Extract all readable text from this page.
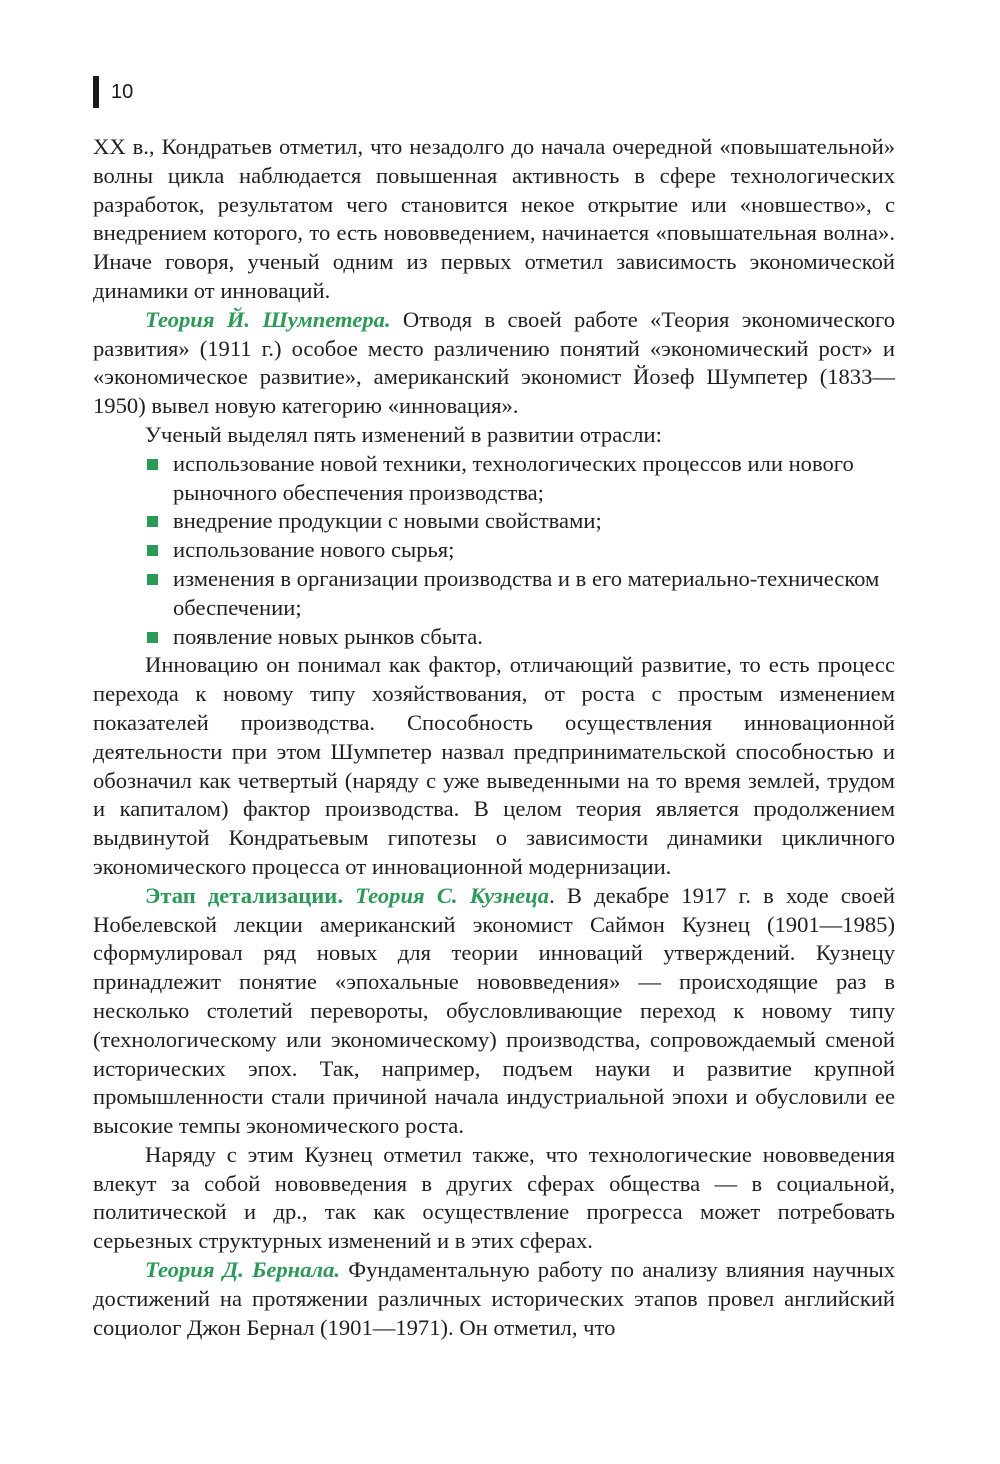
10

XX в., Кондратьев отметил, что незадолго до начала очередной «повышательной» волны цикла наблюдается повышенная активность в сфере технологических разработок, результатом чего становится некое открытие или «новшество», с внедрением которого, то есть нововведением, начинается «повышательная волна». Иначе говоря, ученый одним из первых отметил зависимость экономической динамики от инноваций.

Теория Й. Шумпетера. Отводя в своей работе «Теория экономического развития» (1911 г.) особое место различению понятий «экономический рост» и «экономическое развитие», американский экономист Йозеф Шумпетер (1833—1950) вывел новую категорию «инновация».

Ученый выделял пять изменений в развитии отрасли:

использование новой техники, технологических процессов или нового рыночного обеспечения производства;
внедрение продукции с новыми свойствами;
использование нового сырья;
изменения в организации производства и в его материально-техническом обеспечении;
появление новых рынков сбыта.

Инновацию он понимал как фактор, отличающий развитие, то есть процесс перехода к новому типу хозяйствования, от роста с простым изменением показателей производства. Способность осуществления инновационной деятельности при этом Шумпетер назвал предпринимательской способностью и обозначил как четвертый (наряду с уже выведенными на то время землей, трудом и капиталом) фактор производства. В целом теория является продолжением выдвинутой Кондратьевым гипотезы о зависимости динамики цикличного экономического процесса от инновационной модернизации.

Этап детализации. Теория С. Кузнеца. В декабре 1917 г. в ходе своей Нобелевской лекции американский экономист Саймон Кузнец (1901—1985) сформулировал ряд новых для теории инноваций утверждений. Кузнецу принадлежит понятие «эпохальные нововведения» — происходящие раз в несколько столетий перевороты, обусловливающие переход к новому типу (технологическому или экономическому) производства, сопровождаемый сменой исторических эпох. Так, например, подъем науки и развитие крупной промышленности стали причиной начала индустриальной эпохи и обусловили ее высокие темпы экономического роста.

Наряду с этим Кузнец отметил также, что технологические нововведения влекут за собой нововведения в других сферах общества — в социальной, политической и др., так как осуществление прогресса может потребовать серьезных структурных изменений и в этих сферах.

Теория Д. Бернала. Фундаментальную работу по анализу влияния научных достижений на протяжении различных исторических этапов провел английский социолог Джон Бернал (1901—1971). Он отметил, что
